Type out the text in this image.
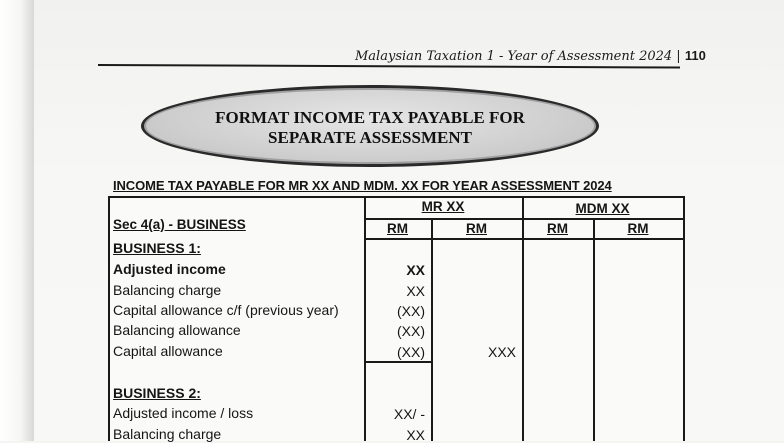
Malaysian Taxation 1 - Year of Assessment 2024 | 110
FORMAT INCOME TAX PAYABLE FOR
SEPARATE ASSESSMENT
INCOME TAX PAYABLE FOR MR XX AND MDM. XX FOR YEAR ASSESSMENT 2024
MR XX	MDM XX
Sec 4(a) - BUSINESS	RM	RM	RM	RM
BUSINESS 1:
Adjusted income	XX
Balancing charge	XX
Capital allowance c/f (previous year)	(XX)
Balancing allowance	(XX)
Capital allowance	(XX)	XXX
BUSINESS 2:
Adjusted income / loss	XX/ -
Balancing charge	XX
